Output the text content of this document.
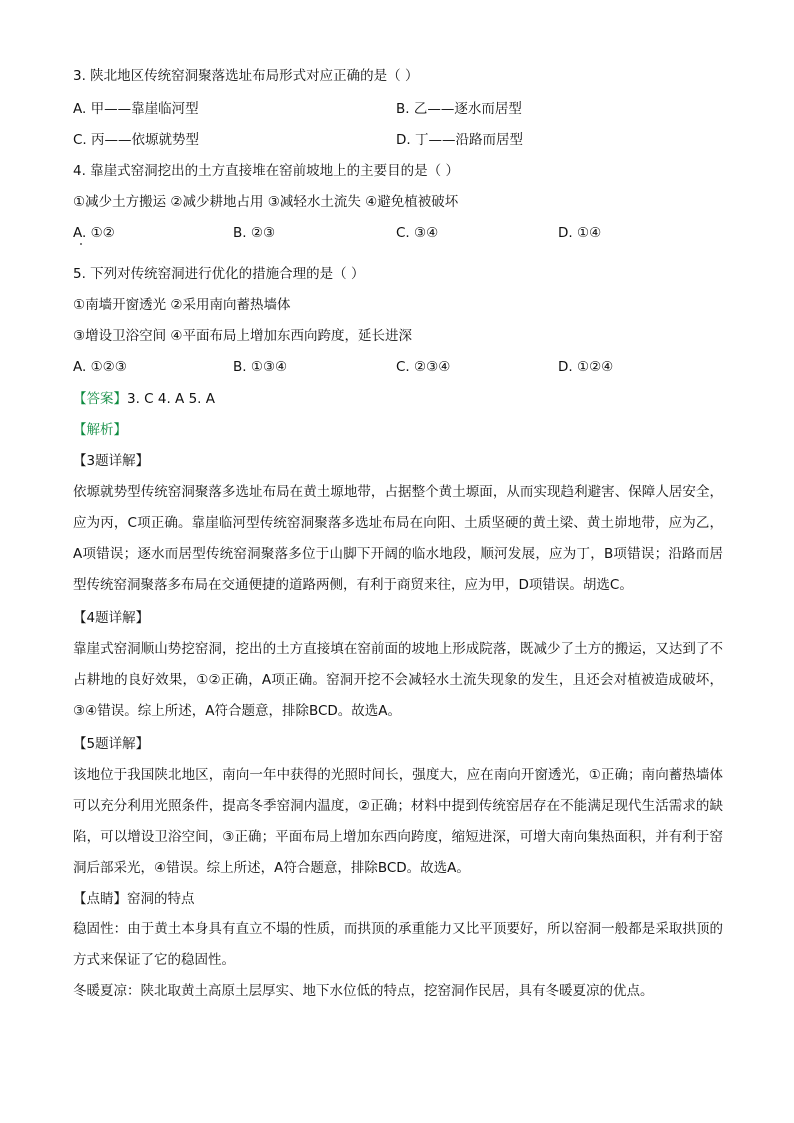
3. 陕北地区传统窑洞聚落选址布局形式对应正确的是（ ）
A. 甲——靠崖临河型	B. 乙——逐水而居型
C. 丙——依塬就势型	D. 丁——沿路而居型
4. 靠崖式窑洞挖出的土方直接堆在窑前坡地上的主要目的是（ ）
①减少土方搬运 ②减少耕地占用 ③减轻水土流失 ④避免植被破坏
A. ①②	B. ②③	C. ③④	D. ①④
5. 下列对传统窑洞进行优化的措施合理的是（ ）
①南墙开窗透光 ②采用南向蓄热墙体
③增设卫浴空间 ④平面布局上增加东西向跨度，延长进深
A. ①②③	B. ①③④	C. ②③④	D. ①②④
【答案】3. C 4. A 5. A
【解析】
【3题详解】
依塬就势型传统窑洞聚落多选址布局在黄土塬地带，占据整个黄土塬面，从而实现趋利避害、保障人居安全，应为丙，C项正确。靠崖临河型传统窑洞聚落多选址布局在向阳、土质坚硬的黄土梁、黄土峁地带，应为乙，A项错误；逐水而居型传统窑洞聚落多位于山脚下开阔的临水地段，顺河发展，应为丁，B项错误；沿路而居型传统窑洞聚落多布局在交通便捷的道路两侧，有利于商贸来往，应为甲，D项错误。胡选C。
【4题详解】
靠崖式窑洞顺山势挖窑洞，挖出的土方直接填在窑前面的坡地上形成院落，既减少了土方的搬运，又达到了不占耕地的良好效果，①②正确，A项正确。窑洞开挖不会减轻水土流失现象的发生，且还会对植被造成破坏，③④错误。综上所述，A符合题意，排除BCD。故选A。
【5题详解】
该地位于我国陕北地区，南向一年中获得的光照时间长，强度大，应在南向开窗透光，①正确；南向蓄热墙体可以充分利用光照条件，提高冬季窑洞内温度，②正确；材料中提到传统窑居存在不能满足现代生活需求的缺陷，可以增设卫浴空间，③正确；平面布局上增加东西向跨度，缩短进深，可增大南向集热面积，并有利于窑洞后部采光，④错误。综上所述，A符合题意，排除BCD。故选A。
【点睛】窑洞的特点
稳固性：由于黄土本身具有直立不塌的性质，而拱顶的承重能力又比平顶要好，所以窑洞一般都是采取拱顶的方式来保证了它的稳固性。
冬暖夏凉：陕北取黄土高原土层厚实、地下水位低的特点，挖窑洞作民居，具有冬暖夏凉的优点。
